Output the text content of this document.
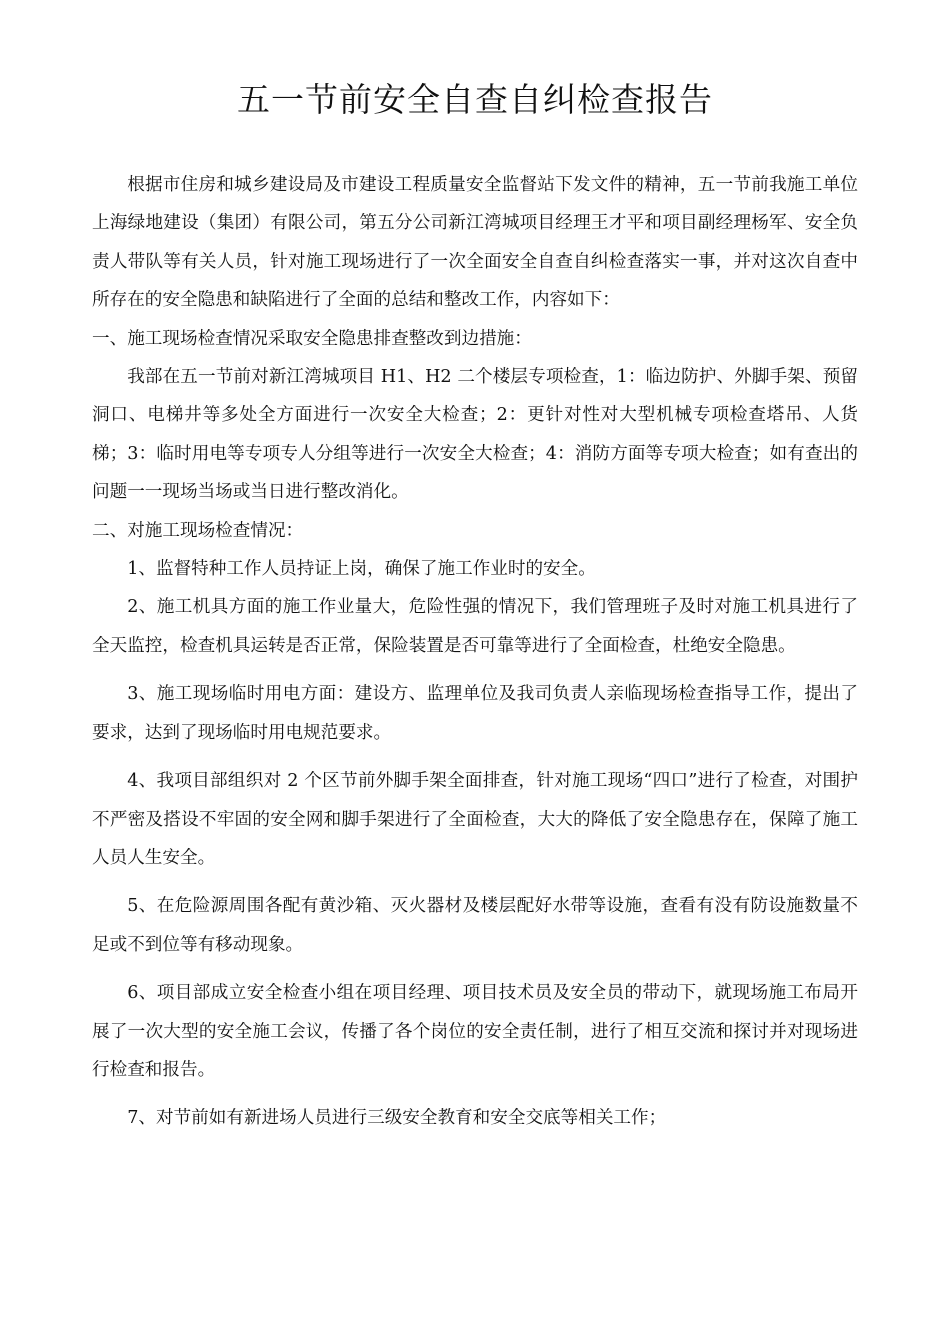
五一节前安全自查自纠检查报告

根据市住房和城乡建设局及市建设工程质量安全监督站下发文件的精神，五一节前我施工单位上海绿地建设（集团）有限公司，第五分公司新江湾城项目经理王才平和项目副经理杨军、安全负责人带队等有关人员，针对施工现场进行了一次全面安全自查自纠检查落实一事，并对这次自查中所存在的安全隐患和缺陷进行了全面的总结和整改工作，内容如下：

一、施工现场检查情况采取安全隐患排查整改到边措施：

我部在五一节前对新江湾城项目 H1、H2 二个楼层专项检查，1：临边防护、外脚手架、预留洞口、电梯井等多处全方面进行一次安全大检查；2：更针对性对大型机械专项检查塔吊、人货梯；3：临时用电等专项专人分组等进行一次安全大检查；4：消防方面等专项大检查；如有查出的问题一一现场当场或当日进行整改消化。

二、对施工现场检查情况：

1、监督特种工作人员持证上岗，确保了施工作业时的安全。

2、施工机具方面的施工作业量大，危险性强的情况下，我们管理班子及时对施工机具进行了全天监控，检查机具运转是否正常，保险装置是否可靠等进行了全面检查，杜绝安全隐患。

3、施工现场临时用电方面：建设方、监理单位及我司负责人亲临现场检查指导工作，提出了要求，达到了现场临时用电规范要求。

4、我项目部组织对 2 个区节前外脚手架全面排查，针对施工现场“四口”进行了检查，对围护不严密及搭设不牢固的安全网和脚手架进行了全面检查，大大的降低了安全隐患存在，保障了施工人员人生安全。

5、在危险源周围各配有黄沙箱、灭火器材及楼层配好水带等设施，查看有没有防设施数量不足或不到位等有移动现象。

6、项目部成立安全检查小组在项目经理、项目技术员及安全员的带动下，就现场施工布局开展了一次大型的安全施工会议，传播了各个岗位的安全责任制，进行了相互交流和探讨并对现场进行检查和报告。

7、对节前如有新进场人员进行三级安全教育和安全交底等相关工作；
